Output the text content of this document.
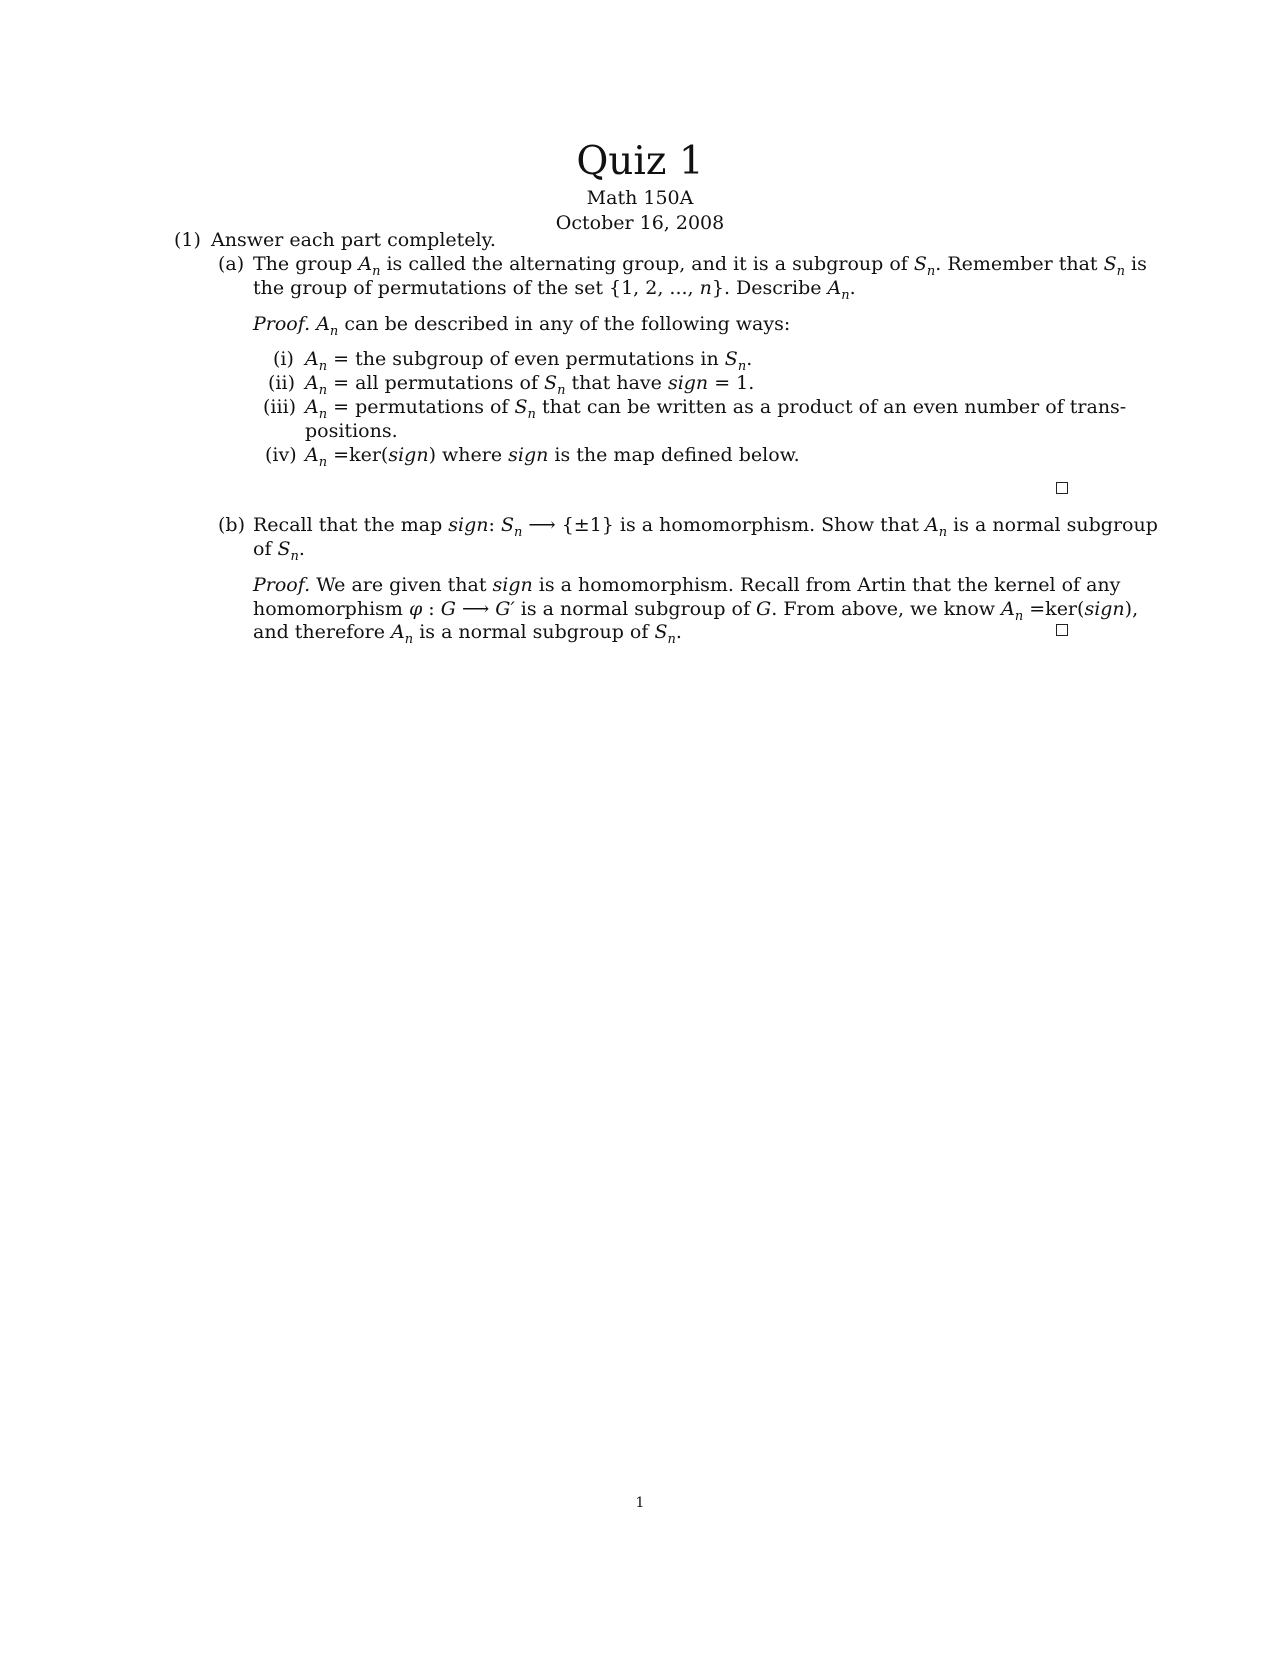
Quiz 1
Math 150A
October 16, 2008
(1) Answer each part completely.
(a) The group $A_n$ is called the alternating group, and it is a subgroup of $S_n$. Remember that $S_n$ is
the group of permutations of the set {1, 2, ..., n}. Describe $A_n$.
Proof. $A_n$ can be described in any of the following ways:
(i) $A_n$ = the subgroup of even permutations in $S_n$.
(ii) $A_n$ = all permutations of $S_n$ that have sign = 1.
(iii) $A_n$ = permutations of $S_n$ that can be written as a product of an even number of trans-
positions.
(iv) $A_n$ =ker(sign) where sign is the map defined below.
(b) Recall that the map sign: $S_n$ ⟶ {±1} is a homomorphism. Show that $A_n$ is a normal subgroup
of $S_n$.
Proof. We are given that sign is a homomorphism. Recall from Artin that the kernel of any
homomorphism φ : G ⟶ G′ is a normal subgroup of G. From above, we know $A_n$ =ker(sign),
and therefore $A_n$ is a normal subgroup of $S_n$.
1
